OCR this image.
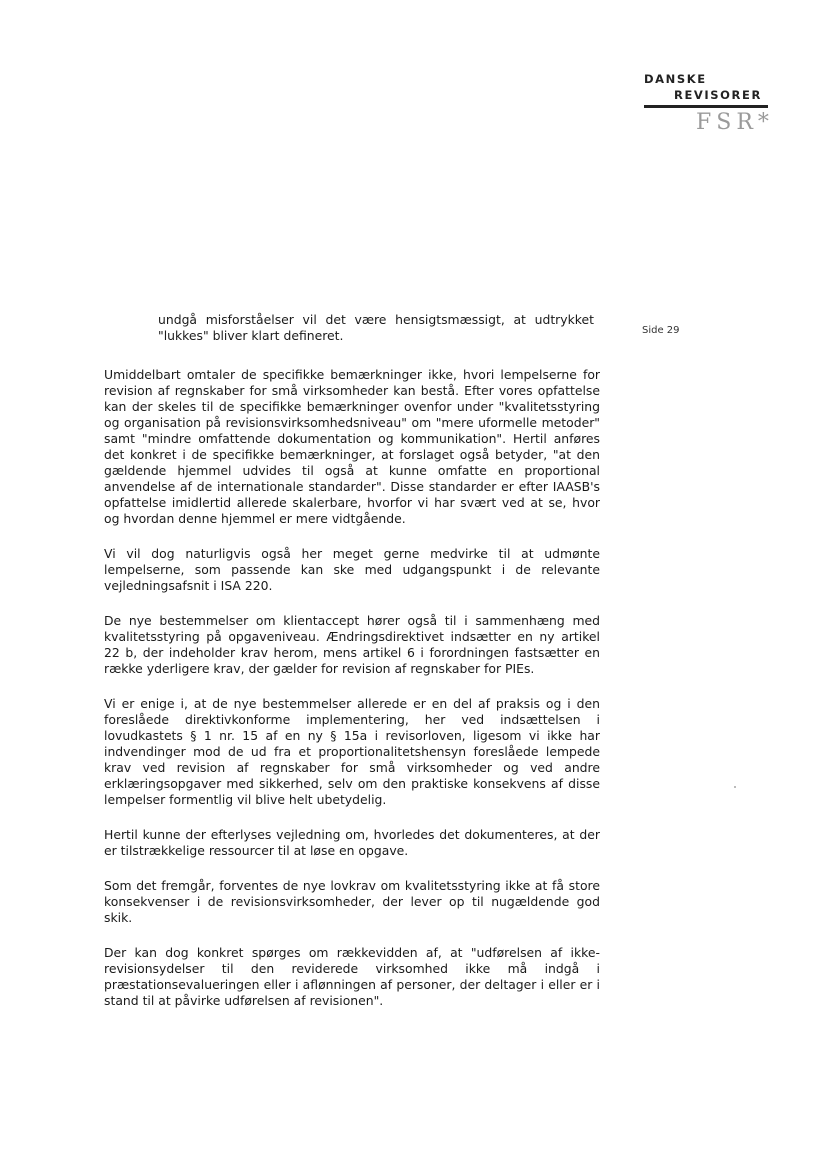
DANSKE
REVISORER
FSR*
Side 29

undgå misforståelser vil det være hensigtsmæssigt, at udtrykket "lukkes" bliver klart defineret.

Umiddelbart omtaler de specifikke bemærkninger ikke, hvori lempelserne for revision af regnskaber for små virksomheder kan bestå. Efter vores opfattelse kan der skeles til de specifikke bemærkninger ovenfor under "kvalitetsstyring og organisation på revisionsvirksomhedsniveau" om "mere uformelle metoder" samt "mindre omfattende dokumentation og kommunikation". Hertil anføres det konkret i de specifikke bemærkninger, at forslaget også betyder, "at den gældende hjemmel udvides til også at kunne omfatte en proportional anvendelse af de internationale standarder". Disse standarder er efter IAASB's opfattelse imidlertid allerede skalerbare, hvorfor vi har svært ved at se, hvor og hvordan denne hjemmel er mere vidtgående.

Vi vil dog naturligvis også her meget gerne medvirke til at udmønte lempelserne, som passende kan ske med udgangspunkt i de relevante vejledningsafsnit i ISA 220.

De nye bestemmelser om klientaccept hører også til i sammenhæng med kvalitetsstyring på opgaveniveau. Ændringsdirektivet indsætter en ny artikel 22 b, der indeholder krav herom, mens artikel 6 i forordningen fastsætter en række yderligere krav, der gælder for revision af regnskaber for PIEs.

Vi er enige i, at de nye bestemmelser allerede er en del af praksis og i den foreslåede direktivkonforme implementering, her ved indsættelsen i lovudkastets § 1 nr. 15 af en ny § 15a i revisorloven, ligesom vi ikke har indvendinger mod de ud fra et proportionalitetshensyn foreslåede lempede krav ved revision af regnskaber for små virksomheder og ved andre erklæringsopgaver med sikkerhed, selv om den praktiske konsekvens af disse lempelser formentlig vil blive helt ubetydelig.

Hertil kunne der efterlyses vejledning om, hvorledes det dokumenteres, at der er tilstrækkelige ressourcer til at løse en opgave.

Som det fremgår, forventes de nye lovkrav om kvalitetsstyring ikke at få store konsekvenser i de revisionsvirksomheder, der lever op til nugældende god skik.

Der kan dog konkret spørges om rækkevidden af, at "udførelsen af ikke-revisionsydelser til den reviderede virksomhed ikke må indgå i præstationsevalueringen eller i aflønningen af personer, der deltager i eller er i stand til at påvirke udførelsen af revisionen".
